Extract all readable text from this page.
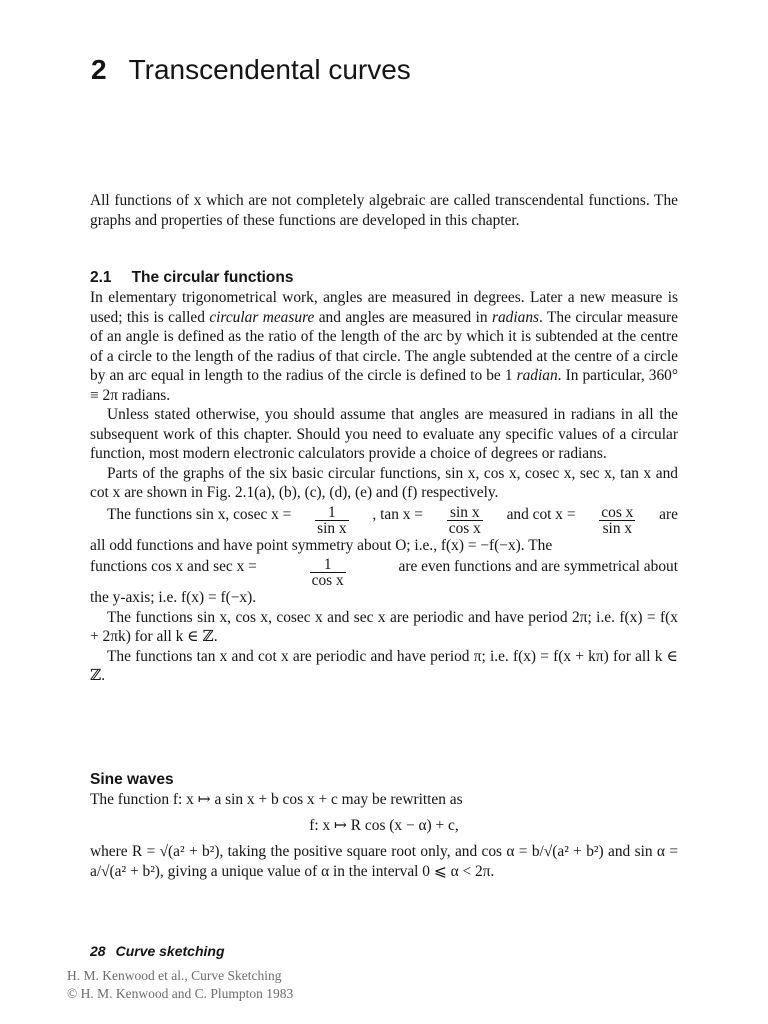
2 Transcendental curves

All functions of x which are not completely algebraic are called transcendental functions. The graphs and properties of these functions are developed in this chapter.

2.1 The circular functions

In elementary trigonometrical work, angles are measured in degrees. Later a new measure is used; this is called circular measure and angles are measured in radians. The circular measure of an angle is defined as the ratio of the length of the arc by which it is subtended at the centre of a circle to the length of the radius of that circle. The angle subtended at the centre of a circle by an arc equal in length to the radius of the circle is defined to be 1 radian. In particular, 360° ≡ 2π radians.

Unless stated otherwise, you should assume that angles are measured in radians in all the subsequent work of this chapter. Should you need to evaluate any specific values of a circular function, most modern electronic calculators provide a choice of degrees or radians.

Parts of the graphs of the six basic circular functions, sin x, cos x, cosec x, sec x, tan x and cot x are shown in Fig. 2.1(a), (b), (c), (d), (e) and (f) respectively.

The functions sin x, cosec $x = \frac{1}{\text{sin x}}$ , $\tan x = \frac{\text{sin x}}{\text{cos x}}$ and $\cot x = \frac{\text{cos x}}{\text{sin x}}$ are

all odd functions and have point symmetry about O; i.e., f(x) = −f(−x). The

functions cos x and sec x =	$\frac{1}{\text{cos x}}$	are even functions and are symmetrical about

the y-axis; i.e. f(x) = f(−x).

The functions sin x, cos x, cosec x and sec x are periodic and have period 2π; i.e. f(x) = f(x + 2πk) for all k ∈ ℤ.

The functions tan x and cot x are periodic and have period π; i.e. f(x) = f(x + kπ) for all k ∈ ℤ.

Sine waves

The function f: x ↦ a sin x + b cos x + c may be rewritten as

f: x ↦ R cos (x − α) + c,

where R = √(a² + b²), taking the positive square root only, and cos α = b/√(a² + b²) and sin α = a/√(a² + b²), giving a unique value of α in the interval 0 ⩽ α < 2π.

28 Curve sketching
H. M. Kenwood et al., Curve Sketching
© H. M. Kenwood and C. Plumpton 1983
